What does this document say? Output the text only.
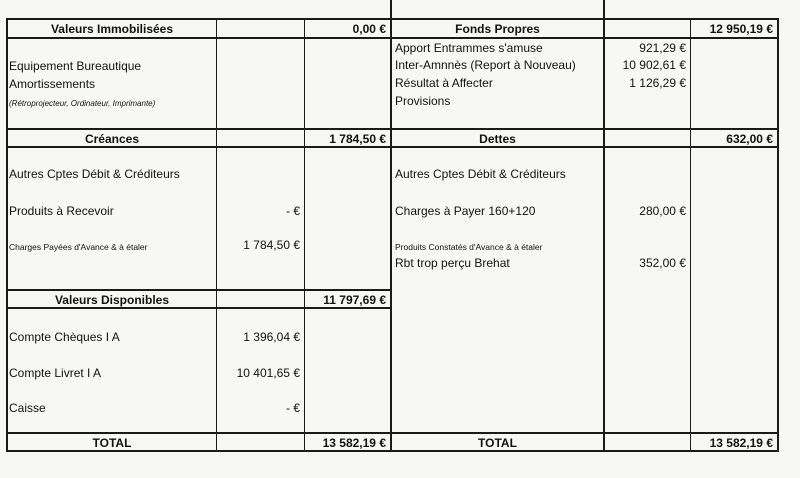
Valeurs Immobilisées	0,00 €
Equipement Bureautique
Amortissements
(Rétroprojecteur, Ordinateur, Imprimante)
Créances	1 784,50 €
Autres Cptes Débit & Créditeurs
Produits à Recevoir	- €
Charges Payées d'Avance & à étaler	1 784,50 €
Valeurs Disponibles	11 797,69 €
Compte Chèques I A	1 396,04 €
Compte Livret I A	10 401,65 €
Caisse	- €
TOTAL	13 582,19 €
Fonds Propres	12 950,19 €
Apport Entrammes s'amuse	921,29 €
Inter-Amnnès (Report à Nouveau)	10 902,61 €
Résultat à Affecter	1 126,29 €
Provisions
Dettes	632,00 €
Autres Cptes Débit & Créditeurs
Charges à Payer 160+120	280,00 €
Produits Constatés d'Avance & à étaler
Rbt trop perçu Brehat	352,00 €
TOTAL	13 582,19 €
